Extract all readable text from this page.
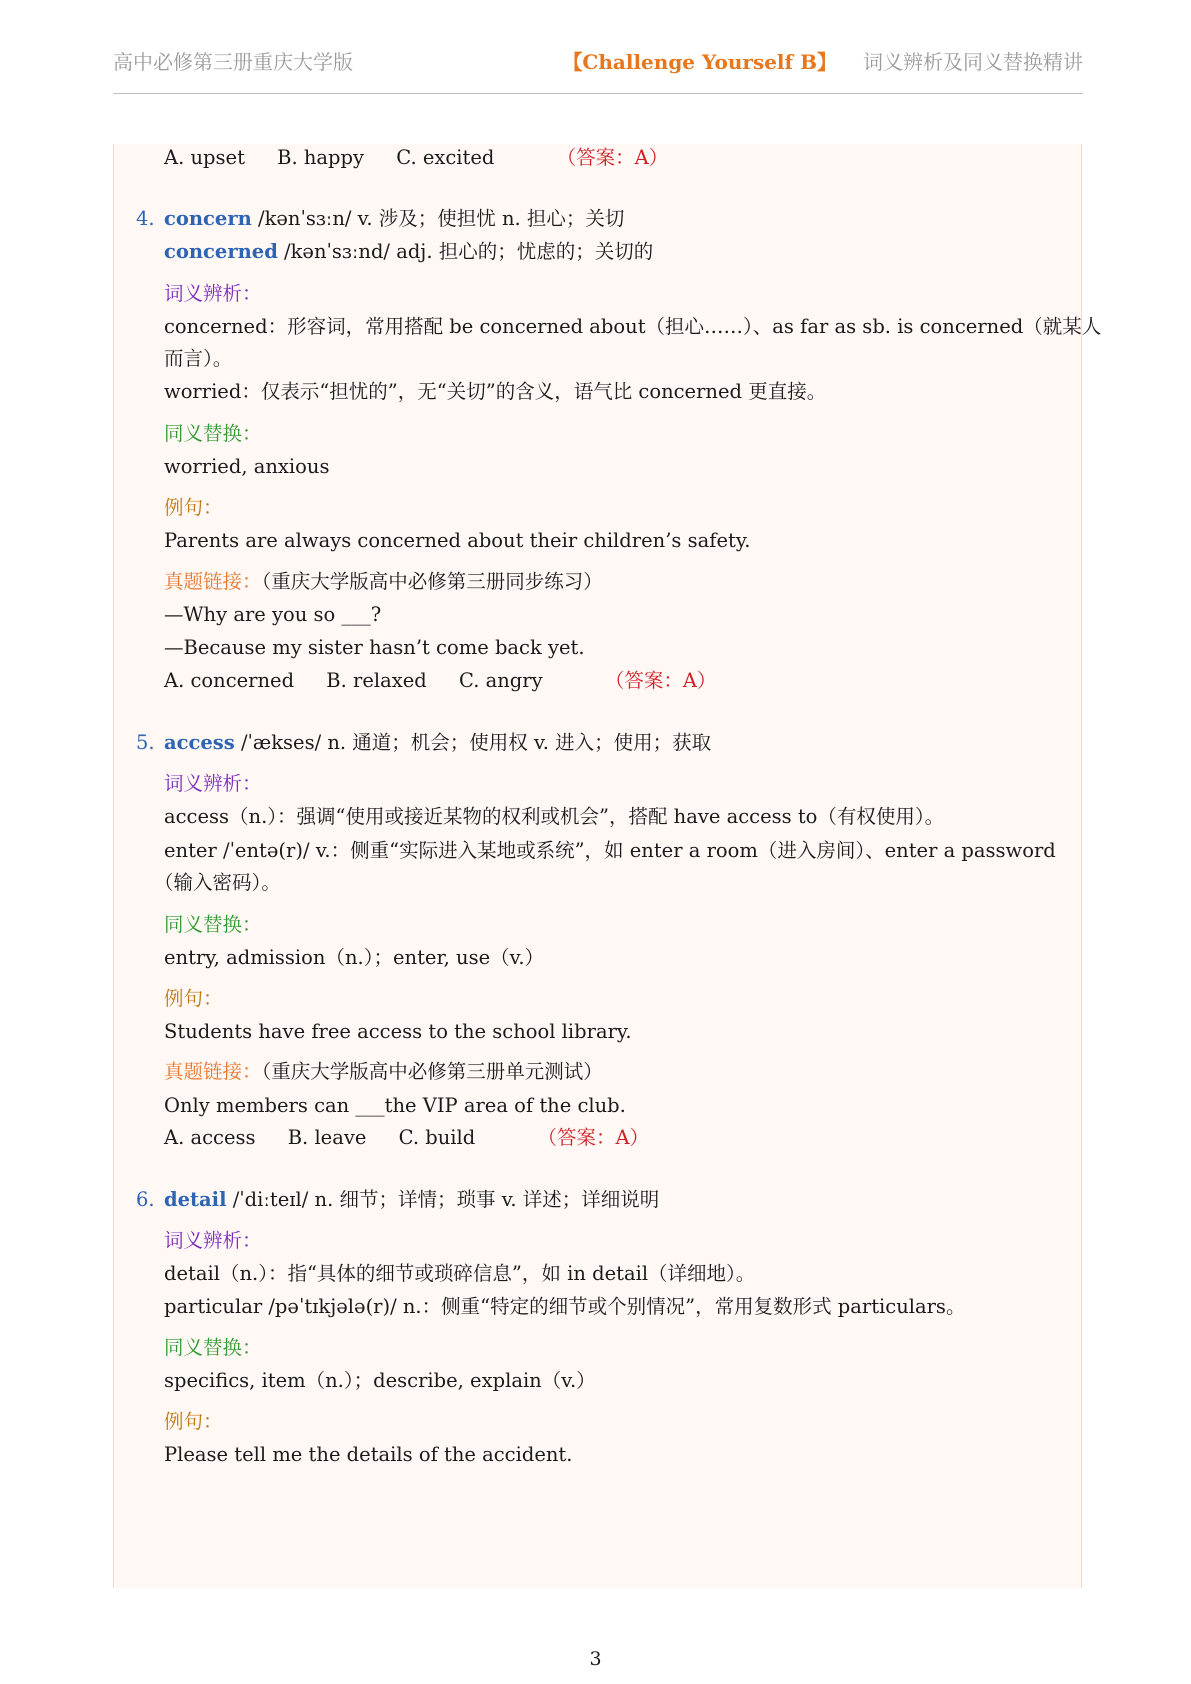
高中必修第三册重庆大学版	【Challenge Yourself B】 词义辨析及同义替换精讲
A. upset B. happy C. excited	（答案：A）
4. concern /kənˈsɜːn/ v. 涉及；使担忧 n. 担心；关切
concerned /kənˈsɜːnd/ adj. 担心的；忧虑的；关切的
词义辨析：
concerned：形容词，常用搭配 be concerned about（担心……）、as far as sb. is concerned（就某人
而言）。
worried：仅表示“担忧的”，无“关切”的含义，语气比 concerned 更直接。
同义替换：
worried, anxious
例句：
Parents are always concerned about their children’s safety.
真题链接：（重庆大学版高中必修第三册同步练习）
—Why are you so ___?
—Because my sister hasn’t come back yet.
A. concerned B. relaxed C. angry	（答案：A）
5. access /ˈækses/ n. 通道；机会；使用权 v. 进入；使用；获取
词义辨析：
access（n.）：强调“使用或接近某物的权利或机会”，搭配 have access to（有权使用）。
enter /ˈentə(r)/ v.：侧重“实际进入某地或系统”，如 enter a room（进入房间）、enter a password
（输入密码）。
同义替换：
entry, admission（n.）；enter, use（v.）
例句：
Students have free access to the school library.
真题链接：（重庆大学版高中必修第三册单元测试）
Only members can ___the VIP area of the club.
A. access B. leave C. build	（答案：A）
6. detail /ˈdiːteɪl/ n. 细节；详情；琐事 v. 详述；详细说明
词义辨析：
detail（n.）：指“具体的细节或琐碎信息”，如 in detail（详细地）。
particular /pəˈtɪkjələ(r)/ n.：侧重“特定的细节或个别情况”，常用复数形式 particulars。
同义替换：
specifics, item（n.）；describe, explain（v.）
例句：
Please tell me the details of the accident.
3
